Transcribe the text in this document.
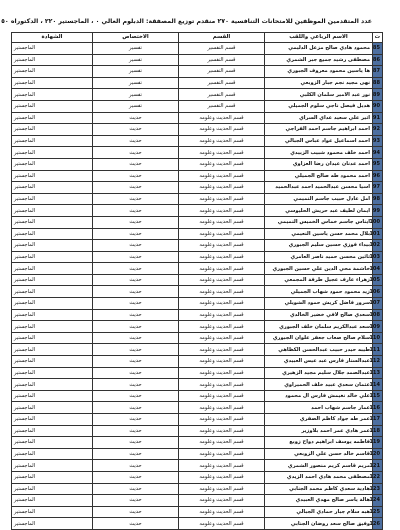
عدد المتقدمين الموظفين للامتحانات التنافسية ٢٧٠ منقدم توزيع المصفقة: الدبلوم العالي ٠ ، الماجستير ٢٢٠ ، الدكتوراه ٥٠
ت	الاسم الرباعي واللقب	القسم	الاختصاص	الشهادة
85	محمود هادي صالح مزعل الدليمي	قسم التفسير	تفسير	الماجستير
86	مصطفى رشيد جميع جبر الشمري	قسم التفسير	تفسير	الماجستير
87	ها ياسين محمود معروف الجبوري	قسم التفسير	تفسير	الماجستير
88	نهى مجيد نجم جبار الزوبعي	قسم التفسير	تفسير	الماجستير
89	نور عبد الامير سلمان الكلبي	قسم التفسير	تفسير	الماجستير
90	هديل فيصل ناجي سلوم الجميلي	قسم التفسير	تفسير	الماجستير
91	اثير علي سعيد عداي السراي	قسم الحديث وعلومه	حديث	الماجستير
92	احمد ابراهيم جاسم احمد الفراجي	قسم الحديث وعلومه	حديث	الماجستير
93	احمد اسماعيل عواد عباس الجبالي	قسم الحديث وعلومه	حديث	الماجستير
94	احمد خلف محمود شبيب الزبيدي	قسم الحديث وعلومه	حديث	الماجستير
95	احمد عدنان عيدان رضا العزاوي	قسم الحديث وعلومه	حديث	الماجستير
96	احمد محمود طه صالح الجميلي	قسم الحديث وعلومه	حديث	الماجستير
97	اسيا محسن عبدالحميد احمد عبدالحميد	قسم الحديث وعلومه	حديث	الماجستير
98	امل عادل حبيب جاسم التميمي	قسم الحديث وعلومه	حديث	الماجستير
99	ايمان لطيف عبد حريش الحليوسي	قسم الحديث وعلومه	حديث	الماجستير
100	ايناس جاسم خماس الخميس التميمي	قسم الحديث وعلومه	حديث	الماجستير
101	بلال محمد حسن ياسين النعيمي	قسم الحديث وعلومه	حديث	الماجستير
102	بيداء فوزي حسين سليم الجبوري	قسم الحديث وعلومه	حديث	الماجستير
103	ثائين محسن حميد ناصر العامري	قسم الحديث وعلومه	حديث	الماجستير
104	خاشمة محي الدين علي حسين الجبوري	قسم الحديث وعلومه	حديث	الماجستير
105	زهراء عارف عجيل طرفة المجمعي	قسم الحديث وعلومه	حديث	الماجستير
106	زيد محمود حمود شهاب الجميلي	قسم الحديث وعلومه	حديث	الماجستير
107	سرور فاضل كريش حمود الشويلي	قسم الحديث وعلومه	حديث	الماجستير
108	سعدي صالح لافي خضير الخالدي	قسم الحديث وعلومه	حديث	الماجستير
109	سعد عبدالكريم سلمان خلف الجبوري	قسم الحديث وعلومه	حديث	الماجستير
110	سلام صالح صعاب جعفر علوان الجبوري	قسم الحديث وعلومه	حديث	الماجستير
111	طيبه حيدر حبيب عبدالحسن الكظاهي	قسم الحديث وعلومه	حديث	الماجستير
112	عبدالستار فارس عبد عيس العبيدي	قسم الحديث وعلومه	حديث	الماجستير
113	عبدالصمد جلال سليم مجيد الزهيري	قسم الحديث وعلومه	حديث	الماجستير
114	عثمان سعدي عبيد خلف الحميراوي	قسم الحديث وعلومه	حديث	الماجستير
115	علي خالد نغيمش فارس ال محمود	قسم الحديث وعلومه	حديث	الماجستير
116	عمار جاسم شهاب احمد	قسم الحديث وعلومه	حديث	الماجستير
117	عمر طه جواد كاظم الصفري	قسم الحديث وعلومه	حديث	الماجستير
118	عمر هادي عمر احمد بلاوزير	قسم الحديث وعلومه	حديث	الماجستير
119	فاطمه يوسف ابراهيم دواح زوبع	قسم الحديث وعلومه	حديث	الماجستير
120	قاسم خالد حسن علي الزوبعي	قسم الحديث وعلومه	حديث	الماجستير
121	مريم قاسم كريم منصور الشمري	قسم الحديث وعلومه	حديث	الماجستير
122	مصطفى محمد هادي احمد الزيدي	قسم الحديث وعلومه	حديث	الماجستير
123	هادية سعدي كاظم محمد الجنابي	قسم الحديث وعلومه	حديث	الماجستير
124	هالة ياسر صالح مهدي العبيدي	قسم الحديث وعلومه	حديث	الماجستير
125	هبه سلام جبار حمادي الجبالي	قسم الحديث وعلومه	حديث	الماجستير
126	وفيق صالح سعد روضان الجنابي	قسم الحديث وعلومه	حديث	الماجستير
